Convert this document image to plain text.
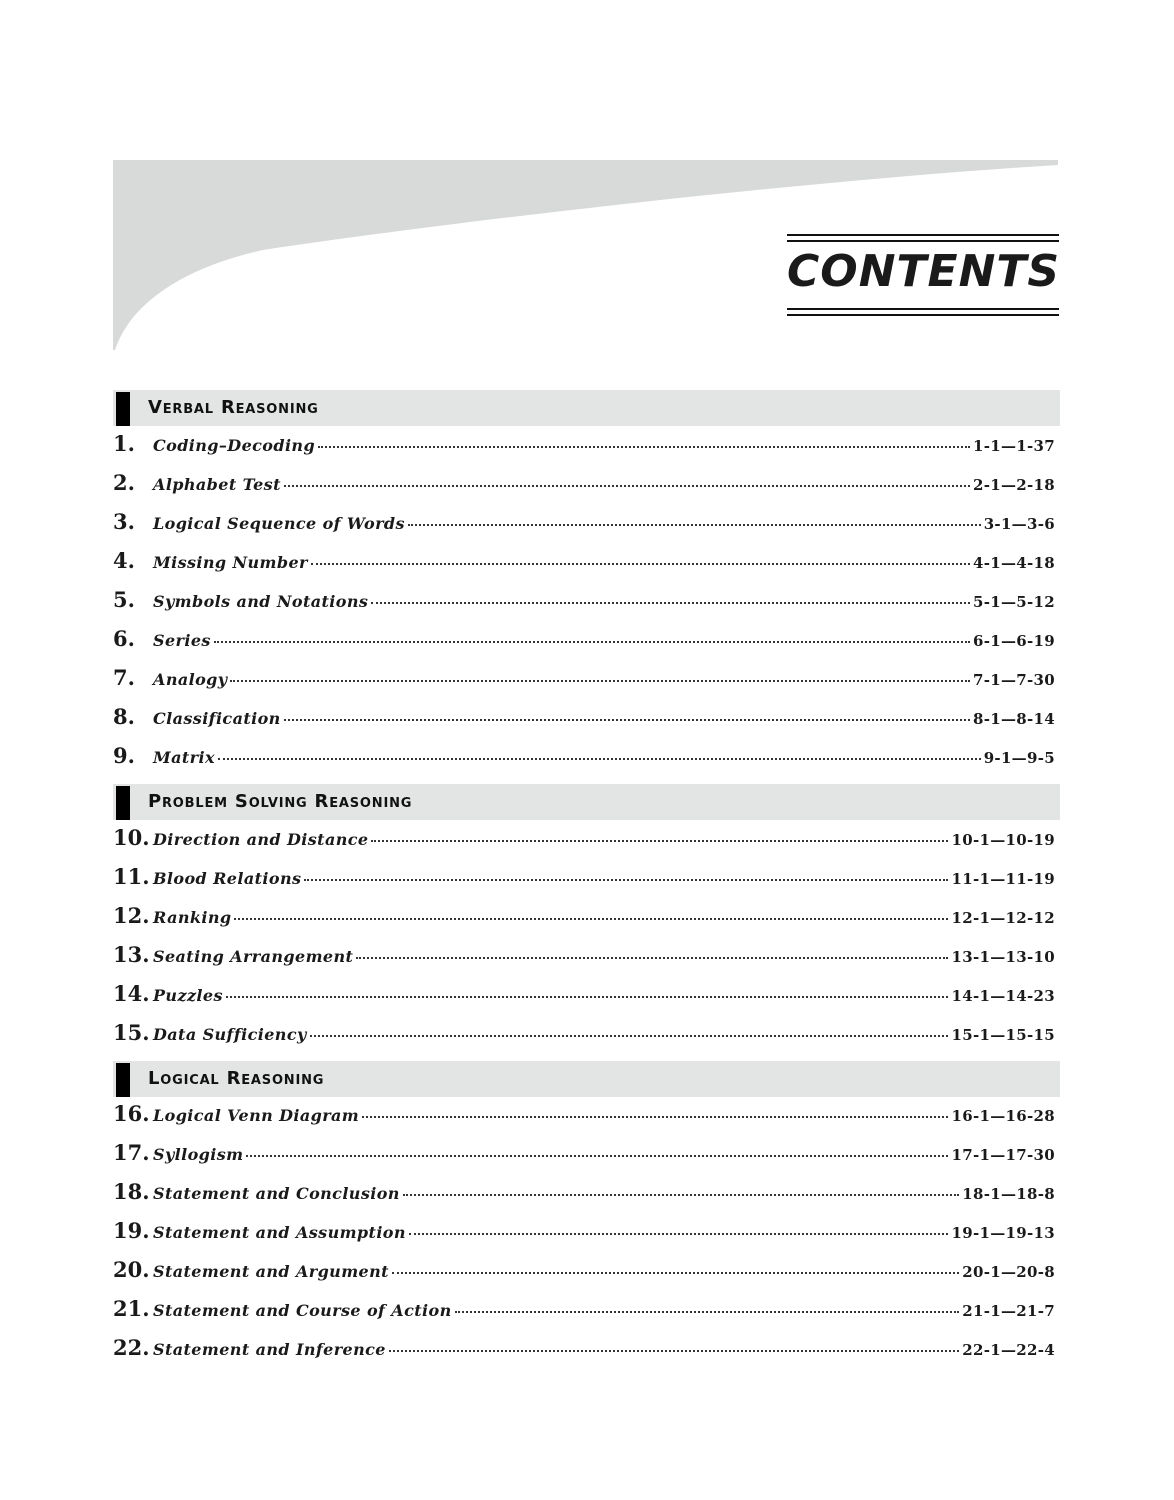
CONTENTS
Verbal Reasoning
1.	Coding–Decoding	1-1—1-37
2.	Alphabet Test	2-1—2-18
3.	Logical Sequence of Words	3-1—3-6
4.	Missing Number	4-1—4-18
5.	Symbols and Notations	5-1—5-12
6.	Series	6-1—6-19
7.	Analogy	7-1—7-30
8.	Classification	8-1—8-14
9.	Matrix	9-1—9-5
Problem Solving Reasoning
10. Direction and Distance	10-1—10-19
11. Blood Relations	11-1—11-19
12. Ranking	12-1—12-12
13. Seating Arrangement	13-1—13-10
14. Puzzles	14-1—14-23
15. Data Sufficiency	15-1—15-15
Logical Reasoning
16. Logical Venn Diagram	16-1—16-28
17. Syllogism	17-1—17-30
18. Statement and Conclusion	18-1—18-8
19. Statement and Assumption	19-1—19-13
20. Statement and Argument	20-1—20-8
21. Statement and Course of Action	21-1—21-7
22. Statement and Inference	22-1—22-4
